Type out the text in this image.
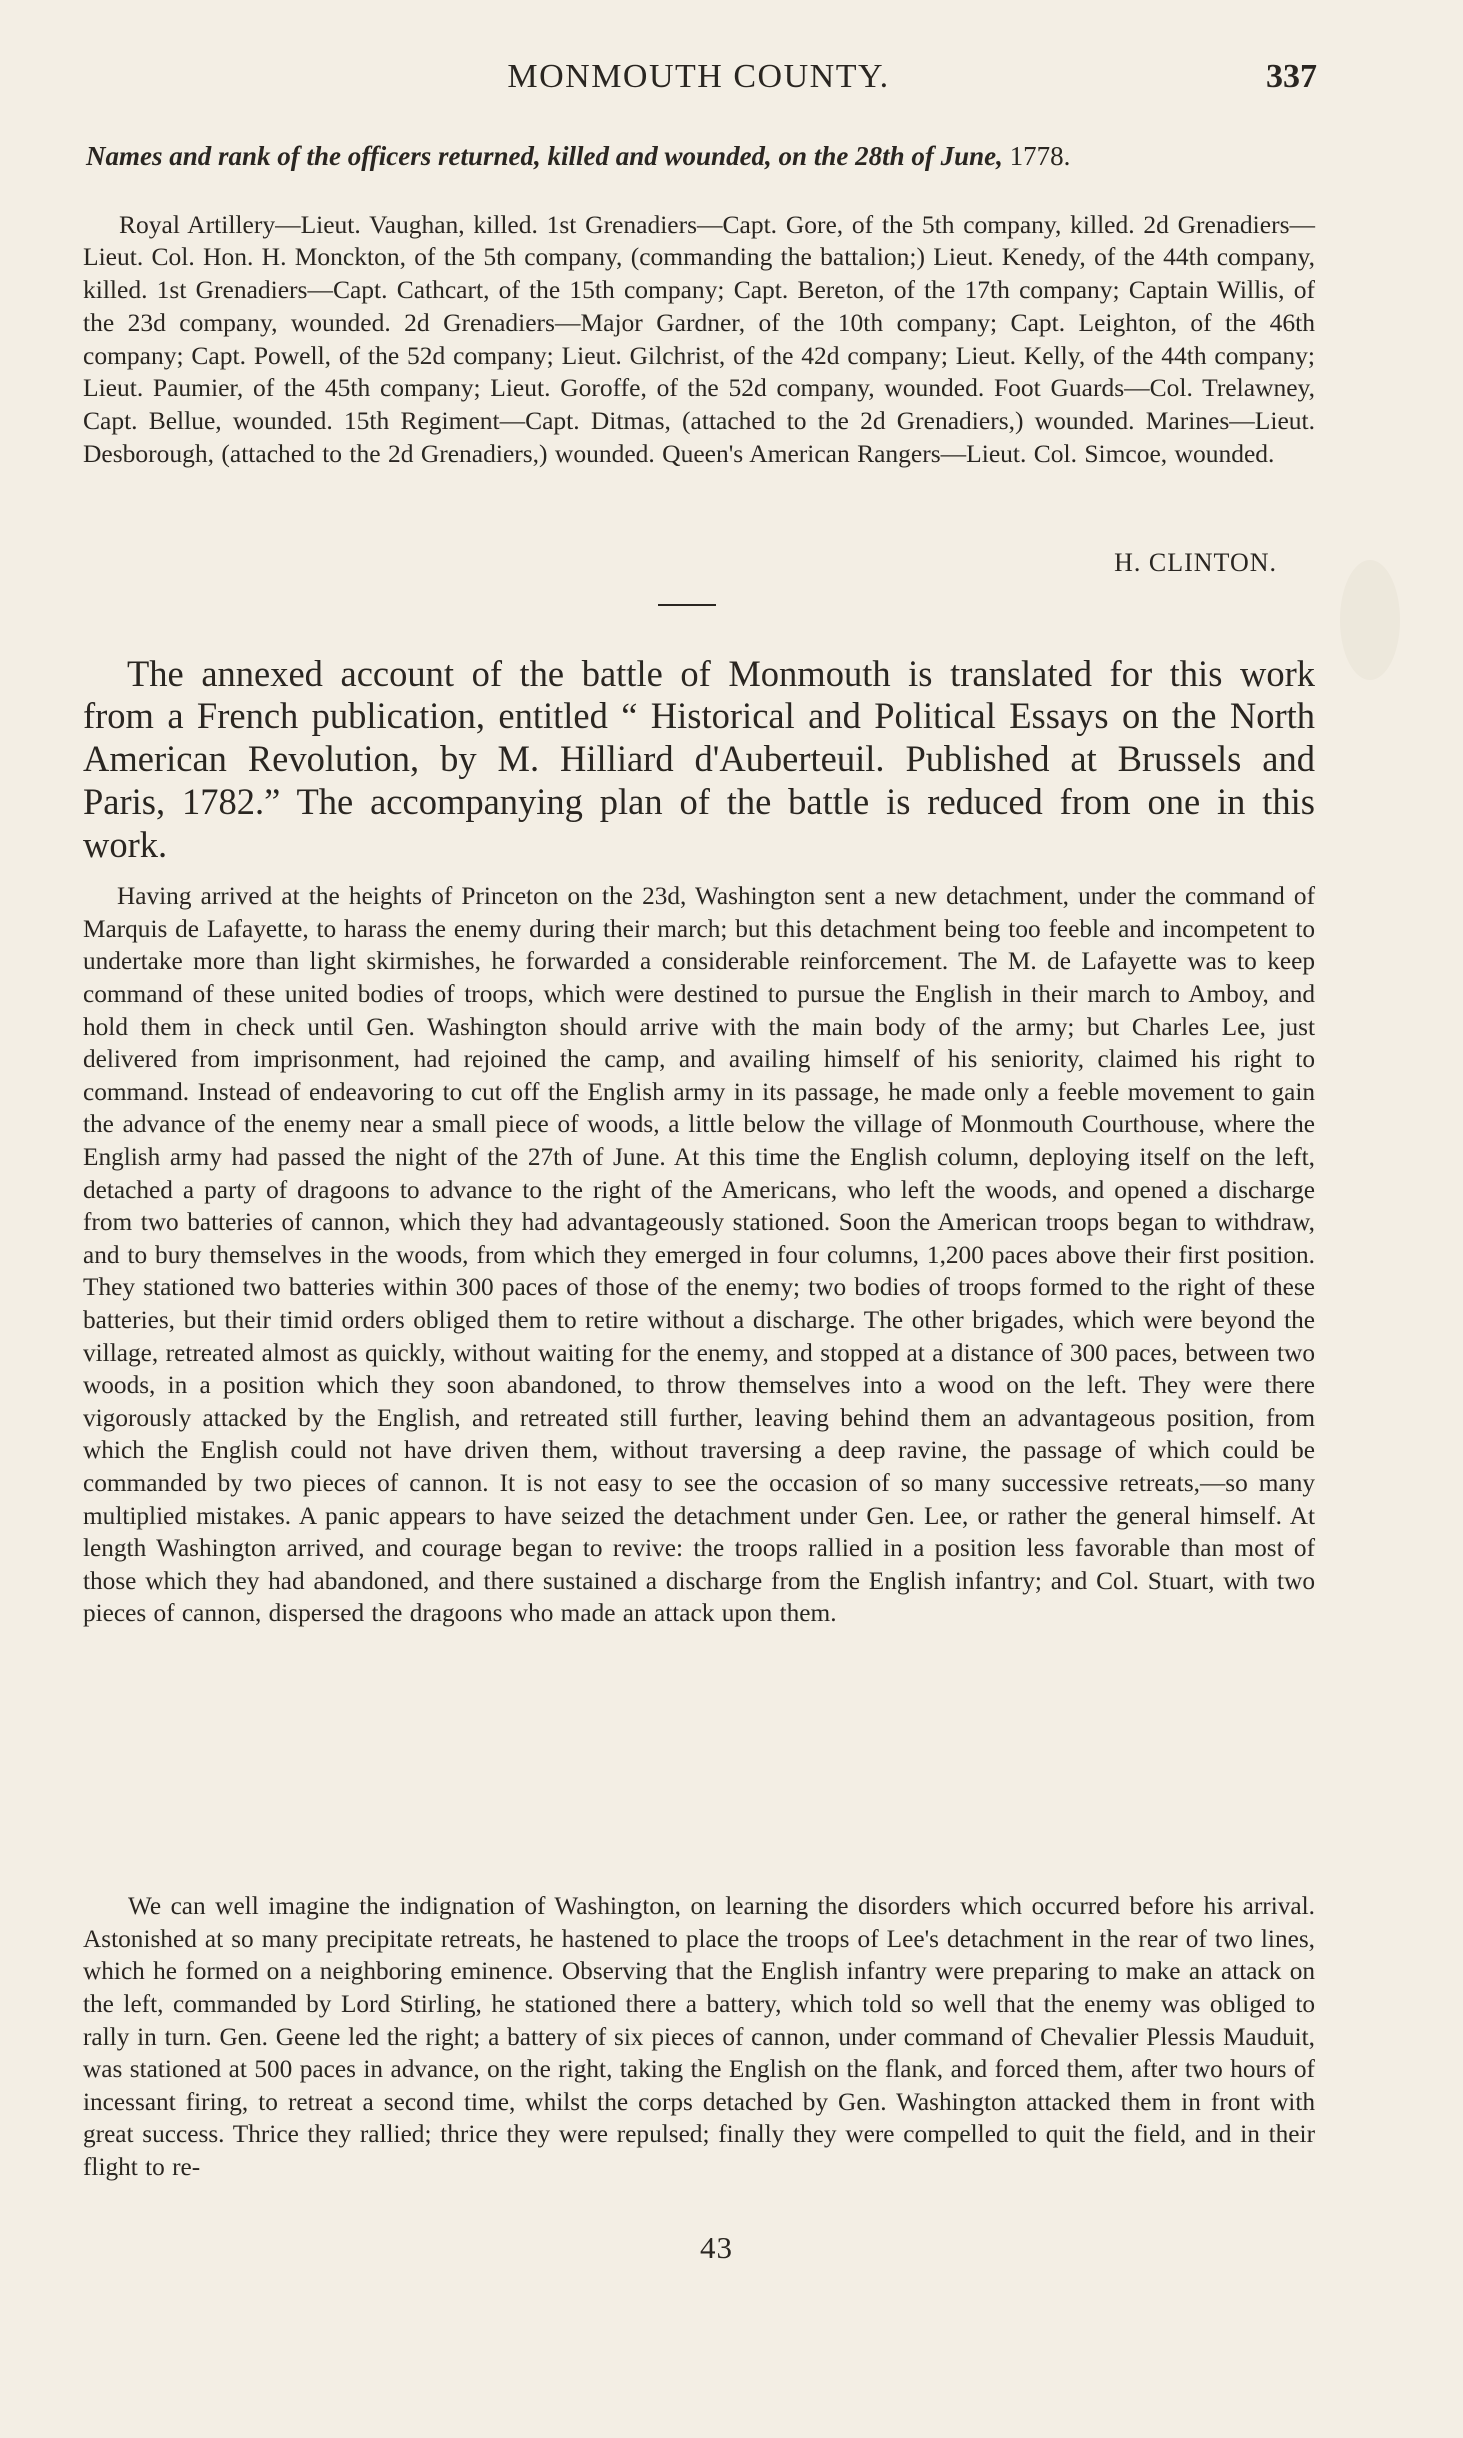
MONMOUTH COUNTY.	337
Names and rank of the officers returned, killed and wounded, on the 28th of June, 1778.

Royal Artillery—Lieut. Vaughan, killed. 1st Grenadiers—Capt. Gore, of the 5th company, killed. 2d Grenadiers—Lieut. Col. Hon. H. Monckton, of the 5th company, (commanding the battalion;) Lieut. Kenedy, of the 44th company, killed. 1st Grenadiers—Capt. Cathcart, of the 15th company; Capt. Bereton, of the 17th company; Captain Willis, of the 23d company, wounded. 2d Grenadiers—Major Gardner, of the 10th company; Capt. Leighton, of the 46th company; Capt. Powell, of the 52d company; Lieut. Gilchrist, of the 42d company; Lieut. Kelly, of the 44th company; Lieut. Paumier, of the 45th company; Lieut. Goroffe, of the 52d company, wounded. Foot Guards—Col. Trelawney, Capt. Bellue, wounded. 15th Regiment—Capt. Ditmas, (attached to the 2d Grenadiers,) wounded. Marines—Lieut. Desborough, (attached to the 2d Grenadiers,) wounded. Queen's American Rangers—Lieut. Col. Simcoe, wounded.

H. CLINTON.

The annexed account of the battle of Monmouth is translated for this work from a French publication, entitled “ Historical and Political Essays on the North American Revolution, by M. Hilliard d'Auberteuil. Published at Brussels and Paris, 1782.” The accompanying plan of the battle is reduced from one in this work.

Having arrived at the heights of Princeton on the 23d, Washington sent a new detachment, under the command of Marquis de Lafayette, to harass the enemy during their march; but this detachment being too feeble and incompetent to undertake more than light skirmishes, he forwarded a considerable reinforcement. The M. de Lafayette was to keep command of these united bodies of troops, which were destined to pursue the English in their march to Amboy, and hold them in check until Gen. Washington should arrive with the main body of the army; but Charles Lee, just delivered from imprisonment, had rejoined the camp, and availing himself of his seniority, claimed his right to command. Instead of endeavoring to cut off the English army in its passage, he made only a feeble movement to gain the advance of the enemy near a small piece of woods, a little below the village of Monmouth Courthouse, where the English army had passed the night of the 27th of June. At this time the English column, deploying itself on the left, detached a party of dragoons to advance to the right of the Americans, who left the woods, and opened a discharge from two batteries of cannon, which they had advantageously stationed. Soon the American troops began to withdraw, and to bury themselves in the woods, from which they emerged in four columns, 1,200 paces above their first position. They stationed two batteries within 300 paces of those of the enemy; two bodies of troops formed to the right of these batteries, but their timid orders obliged them to retire without a discharge. The other brigades, which were beyond the village, retreated almost as quickly, without waiting for the enemy, and stopped at a distance of 300 paces, between two woods, in a position which they soon abandoned, to throw themselves into a wood on the left. They were there vigorously attacked by the English, and retreated still further, leaving behind them an advantageous position, from which the English could not have driven them, without traversing a deep ravine, the passage of which could be commanded by two pieces of cannon. It is not easy to see the occasion of so many successive retreats,—so many multiplied mistakes. A panic appears to have seized the detachment under Gen. Lee, or rather the general himself. At length Washington arrived, and courage began to revive: the troops rallied in a position less favorable than most of those which they had abandoned, and there sustained a discharge from the English infantry; and Col. Stuart, with two pieces of cannon, dispersed the dragoons who made an attack upon them.

We can well imagine the indignation of Washington, on learning the disorders which occurred before his arrival. Astonished at so many precipitate retreats, he hastened to place the troops of Lee's detachment in the rear of two lines, which he formed on a neighboring eminence. Observing that the English infantry were preparing to make an attack on the left, commanded by Lord Stirling, he stationed there a battery, which told so well that the enemy was obliged to rally in turn. Gen. Geene led the right; a battery of six pieces of cannon, under command of Chevalier Plessis Mauduit, was stationed at 500 paces in advance, on the right, taking the English on the flank, and forced them, after two hours of incessant firing, to retreat a second time, whilst the corps detached by Gen. Washington attacked them in front with great success. Thrice they rallied; thrice they were repulsed; finally they were compelled to quit the field, and in their flight to re-

43
